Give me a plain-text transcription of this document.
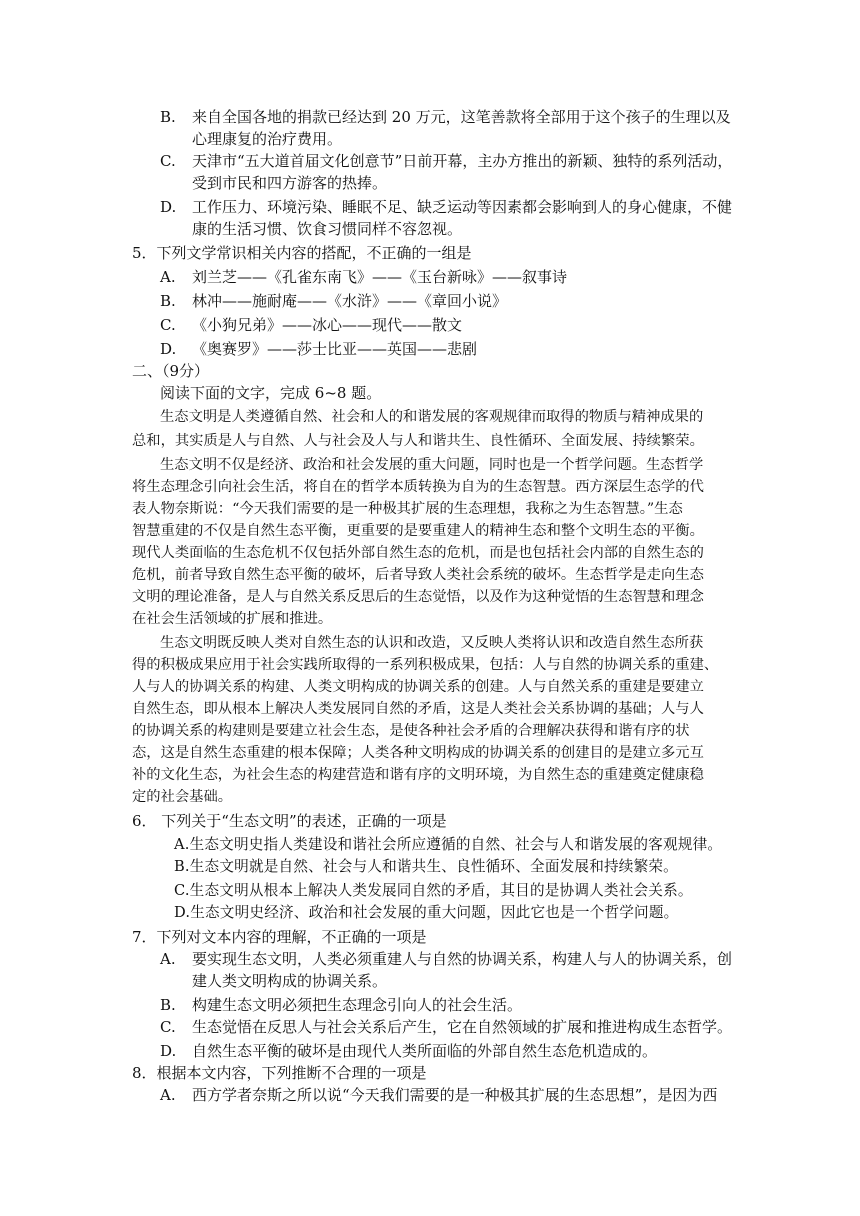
B. 来自全国各地的捐款已经达到 20 万元，这笔善款将全部用于这个孩子的生理以及
心理康复的治疗费用。
C. 天津市“五大道首届文化创意节”日前开幕，主办方推出的新颖、独特的系列活动，
受到市民和四方游客的热捧。
D. 工作压力、环境污染、睡眠不足、缺乏运动等因素都会影响到人的身心健康，不健
康的生活习惯、饮食习惯同样不容忽视。
5．下列文学常识相关内容的搭配，不正确的一组是
A. 刘兰芝——《孔雀东南飞》——《玉台新咏》——叙事诗
B. 林冲——施耐庵——《水浒》——《章回小说》
C. 《小狗兄弟》——冰心——现代——散文
D. 《奥赛罗》——莎士比亚——英国——悲剧
二、（9分）
阅读下面的文字，完成 6~8 题。
生态文明是人类遵循自然、社会和人的和谐发展的客观规律而取得的物质与精神成果的
总和，其实质是人与自然、人与社会及人与人和谐共生、良性循环、全面发展、持续繁荣。
生态文明不仅是经济、政治和社会发展的重大问题，同时也是一个哲学问题。生态哲学
将生态理念引向社会生活，将自在的哲学本质转换为自为的生态智慧。西方深层生态学的代
表人物奈斯说：“今天我们需要的是一种极其扩展的生态理想，我称之为生态智慧。”生态
智慧重建的不仅是自然生态平衡，更重要的是要重建人的精神生态和整个文明生态的平衡。
现代人类面临的生态危机不仅包括外部自然生态的危机，而是也包括社会内部的自然生态的
危机，前者导致自然生态平衡的破坏，后者导致人类社会系统的破坏。生态哲学是走向生态
文明的理论准备，是人与自然关系反思后的生态觉悟，以及作为这种觉悟的生态智慧和理念
在社会生活领域的扩展和推进。
生态文明既反映人类对自然生态的认识和改造，又反映人类将认识和改造自然生态所获
得的积极成果应用于社会实践所取得的一系列积极成果，包括：人与自然的协调关系的重建、
人与人的协调关系的构建、人类文明构成的协调关系的创建。人与自然关系的重建是要建立
自然生态，即从根本上解决人类发展同自然的矛盾，这是人类社会关系协调的基础；人与人
的协调关系的构建则是要建立社会生态，是使各种社会矛盾的合理解决获得和谐有序的状
态，这是自然生态重建的根本保障；人类各种文明构成的协调关系的创建目的是建立多元互
补的文化生态，为社会生态的构建营造和谐有序的文明环境，为自然生态的重建奠定健康稳
定的社会基础。
6． 下列关于“生态文明”的表述，正确的一项是
A.生态文明史指人类建设和谐社会所应遵循的自然、社会与人和谐发展的客观规律。
B.生态文明就是自然、社会与人和谐共生、良性循环、全面发展和持续繁荣。
C.生态文明从根本上解决人类发展同自然的矛盾，其目的是协调人类社会关系。
D.生态文明史经济、政治和社会发展的重大问题，因此它也是一个哲学问题。
7．下列对文本内容的理解，不正确的一项是
A. 要实现生态文明，人类必须重建人与自然的协调关系，构建人与人的协调关系，创
建人类文明构成的协调关系。
B. 构建生态文明必须把生态理念引向人的社会生活。
C. 生态觉悟在反思人与社会关系后产生，它在自然领域的扩展和推进构成生态哲学。
D. 自然生态平衡的破坏是由现代人类所面临的外部自然生态危机造成的。
8．根据本文内容，下列推断不合理的一项是
A. 西方学者奈斯之所以说“今天我们需要的是一种极其扩展的生态思想”，是因为西
